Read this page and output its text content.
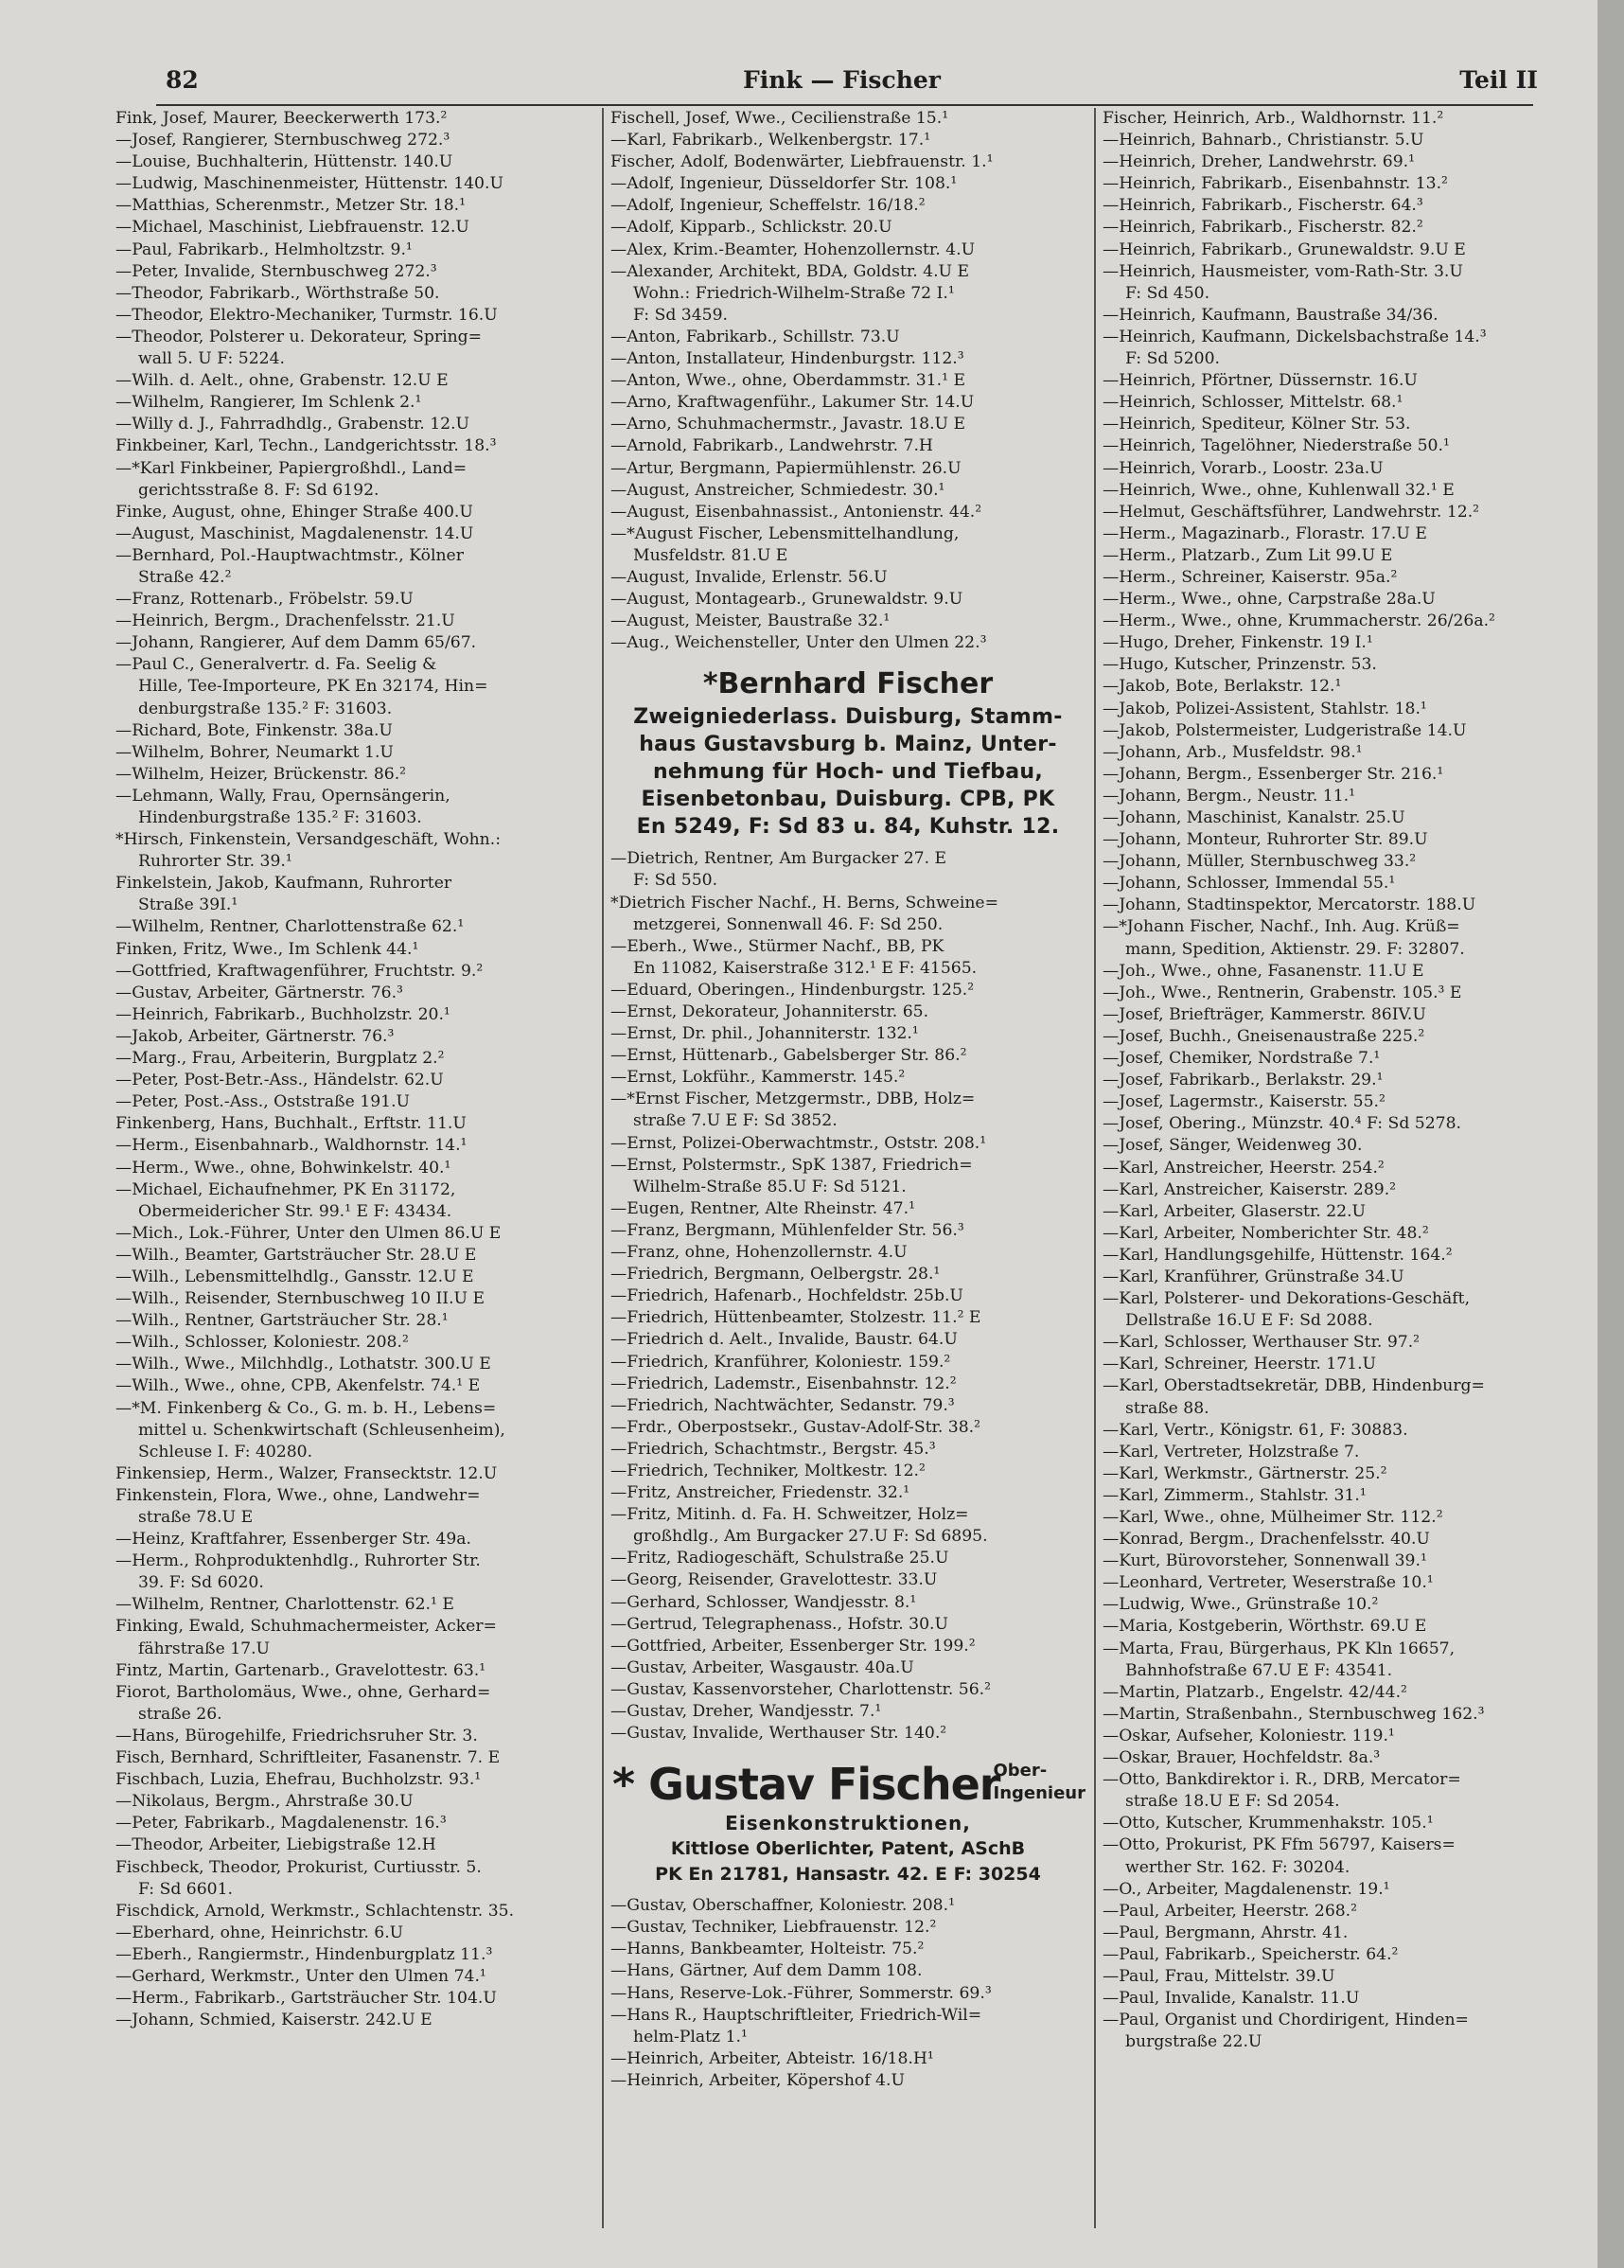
82	Fink — Fischer	Teil II
Fink, Josef, Maurer, Beeckerwerth 173.²
—Josef, Rangierer, Sternbuschweg 272.³
—Louise, Buchhalterin, Hüttenstr. 140.U
—Ludwig, Maschinenmeister, Hüttenstr. 140.U
—Matthias, Scherenmstr., Metzer Str. 18.¹
—Michael, Maschinist, Liebfrauenstr. 12.U
—Paul, Fabrikarb., Helmholtzstr. 9.¹
—Peter, Invalide, Sternbuschweg 272.³
—Theodor, Fabrikarb., Wörthstraße 50.
—Theodor, Elektro-Mechaniker, Turmstr. 16.U
—Theodor, Polsterer u. Dekorateur, Spring=
wall 5. U F: 5224.
—Wilh. d. Aelt., ohne, Grabenstr. 12.U E
—Wilhelm, Rangierer, Im Schlenk 2.¹
—Willy d. J., Fahrradhdlg., Grabenstr. 12.U
Finkbeiner, Karl, Techn., Landgerichtsstr. 18.³
—*Karl Finkbeiner, Papiergroßhdl., Land=
gerichtsstraße 8. F: Sd 6192.
Finke, August, ohne, Ehinger Straße 400.U
—August, Maschinist, Magdalenenstr. 14.U
—Bernhard, Pol.-Hauptwachtmstr., Kölner
Straße 42.²
—Franz, Rottenarb., Fröbelstr. 59.U
—Heinrich, Bergm., Drachenfelsstr. 21.U
—Johann, Rangierer, Auf dem Damm 65/67.
—Paul C., Generalvertr. d. Fa. Seelig &
Hille, Tee-Importeure, PK En 32174, Hin=
denburgstraße 135.² F: 31603.
—Richard, Bote, Finkenstr. 38a.U
—Wilhelm, Bohrer, Neumarkt 1.U
—Wilhelm, Heizer, Brückenstr. 86.²
—Lehmann, Wally, Frau, Opernsängerin,
Hindenburgstraße 135.² F: 31603.
*Hirsch, Finkenstein, Versandgeschäft, Wohn.:
Ruhrorter Str. 39.¹
Finkelstein, Jakob, Kaufmann, Ruhrorter
Straße 39I.¹
—Wilhelm, Rentner, Charlottenstraße 62.¹
Finken, Fritz, Wwe., Im Schlenk 44.¹
—Gottfried, Kraftwagenführer, Fruchtstr. 9.²
—Gustav, Arbeiter, Gärtnerstr. 76.³
—Heinrich, Fabrikarb., Buchholzstr. 20.¹
—Jakob, Arbeiter, Gärtnerstr. 76.³
—Marg., Frau, Arbeiterin, Burgplatz 2.²
—Peter, Post-Betr.-Ass., Händelstr. 62.U
—Peter, Post.-Ass., Oststraße 191.U
Finkenberg, Hans, Buchhalt., Erftstr. 11.U
—Herm., Eisenbahnarb., Waldhornstr. 14.¹
—Herm., Wwe., ohne, Bohwinkelstr. 40.¹
—Michael, Eichaufnehmer, PK En 31172,
Obermeidericher Str. 99.¹ E F: 43434.
—Mich., Lok.-Führer, Unter den Ulmen 86.U E
—Wilh., Beamter, Gartsträucher Str. 28.U E
—Wilh., Lebensmittelhdlg., Gansstr. 12.U E
—Wilh., Reisender, Sternbuschweg 10 II.U E
—Wilh., Rentner, Gartsträucher Str. 28.¹
—Wilh., Schlosser, Koloniestr. 208.²
—Wilh., Wwe., Milchhdlg., Lothatstr. 300.U E
—Wilh., Wwe., ohne, CPB, Akenfelstr. 74.¹ E
—*M. Finkenberg & Co., G. m. b. H., Lebens=
mittel u. Schenkwirtschaft (Schleusenheim),
Schleuse I. F: 40280.
Finkensiep, Herm., Walzer, Fransecktstr. 12.U
Finkenstein, Flora, Wwe., ohne, Landwehr=
straße 78.U E
—Heinz, Kraftfahrer, Essenberger Str. 49a.
—Herm., Rohproduktenhdlg., Ruhrorter Str.
39. F: Sd 6020.
—Wilhelm, Rentner, Charlottenstr. 62.¹ E
Finking, Ewald, Schuhmachermeister, Acker=
fährstraße 17.U
Fintz, Martin, Gartenarb., Gravelottestr. 63.¹
Fiorot, Bartholomäus, Wwe., ohne, Gerhard=
straße 26.
—Hans, Bürogehilfe, Friedrichsruher Str. 3.
Fisch, Bernhard, Schriftleiter, Fasanenstr. 7. E
Fischbach, Luzia, Ehefrau, Buchholzstr. 93.¹
—Nikolaus, Bergm., Ahrstraße 30.U
—Peter, Fabrikarb., Magdalenenstr. 16.³
—Theodor, Arbeiter, Liebigstraße 12.H
Fischbeck, Theodor, Prokurist, Curtiusstr. 5.
F: Sd 6601.
Fischdick, Arnold, Werkmstr., Schlachtenstr. 35.
—Eberhard, ohne, Heinrichstr. 6.U
—Eberh., Rangiermstr., Hindenburgplatz 11.³
—Gerhard, Werkmstr., Unter den Ulmen 74.¹
—Herm., Fabrikarb., Gartsträucher Str. 104.U
—Johann, Schmied, Kaiserstr. 242.U E
Fischell, Josef, Wwe., Cecilienstraße 15.¹
—Karl, Fabrikarb., Welkenbergstr. 17.¹
Fischer, Adolf, Bodenwärter, Liebfrauenstr. 1.¹
—Adolf, Ingenieur, Düsseldorfer Str. 108.¹
—Adolf, Ingenieur, Scheffelstr. 16/18.²
—Adolf, Kipparb., Schlickstr. 20.U
—Alex, Krim.-Beamter, Hohenzollernstr. 4.U
—Alexander, Architekt, BDA, Goldstr. 4.U E
Wohn.: Friedrich-Wilhelm-Straße 72 I.¹
F: Sd 3459.
—Anton, Fabrikarb., Schillstr. 73.U
—Anton, Installateur, Hindenburgstr. 112.³
—Anton, Wwe., ohne, Oberdammstr. 31.¹ E
—Arno, Kraftwagenführ., Lakumer Str. 14.U
—Arno, Schuhmachermstr., Javastr. 18.U E
—Arnold, Fabrikarb., Landwehrstr. 7.H
—Artur, Bergmann, Papiermühlenstr. 26.U
—August, Anstreicher, Schmiedestr. 30.¹
—August, Eisenbahnassist., Antonienstr. 44.²
—*August Fischer, Lebensmittelhandlung,
Musfeldstr. 81.U E
—August, Invalide, Erlenstr. 56.U
—August, Montagearb., Grunewaldstr. 9.U
—August, Meister, Baustraße 32.¹
—Aug., Weichensteller, Unter den Ulmen 22.³
*Bernhard Fischer
Zweigniederlass. Duisburg, Stamm-
haus Gustavsburg b. Mainz, Unter-
nehmung für Hoch- und Tiefbau,
Eisenbetonbau, Duisburg. CPB, PK
En 5249, F: Sd 83 u. 84, Kuhstr. 12.
—Dietrich, Rentner, Am Burgacker 27. E
F: Sd 550.
*Dietrich Fischer Nachf., H. Berns, Schweine=
metzgerei, Sonnenwall 46. F: Sd 250.
—Eberh., Wwe., Stürmer Nachf., BB, PK
En 11082, Kaiserstraße 312.¹ E F: 41565.
—Eduard, Oberingen., Hindenburgstr. 125.²
—Ernst, Dekorateur, Johanniterstr. 65.
—Ernst, Dr. phil., Johanniterstr. 132.¹
—Ernst, Hüttenarb., Gabelsberger Str. 86.²
—Ernst, Lokführ., Kammerstr. 145.²
—*Ernst Fischer, Metzgermstr., DBB, Holz=
straße 7.U E F: Sd 3852.
—Ernst, Polizei-Oberwachtmstr., Oststr. 208.¹
—Ernst, Polstermstr., SpK 1387, Friedrich=
Wilhelm-Straße 85.U F: Sd 5121.
—Eugen, Rentner, Alte Rheinstr. 47.¹
—Franz, Bergmann, Mühlenfelder Str. 56.³
—Franz, ohne, Hohenzollernstr. 4.U
—Friedrich, Bergmann, Oelbergstr. 28.¹
—Friedrich, Hafenarb., Hochfeldstr. 25b.U
—Friedrich, Hüttenbeamter, Stolzestr. 11.² E
—Friedrich d. Aelt., Invalide, Baustr. 64.U
—Friedrich, Kranführer, Koloniestr. 159.²
—Friedrich, Lademstr., Eisenbahnstr. 12.²
—Friedrich, Nachtwächter, Sedanstr. 79.³
—Frdr., Oberpostsekr., Gustav-Adolf-Str. 38.²
—Friedrich, Schachtmstr., Bergstr. 45.³
—Friedrich, Techniker, Moltkestr. 12.²
—Fritz, Anstreicher, Friedenstr. 32.¹
—Fritz, Mitinh. d. Fa. H. Schweitzer, Holz=
großhdlg., Am Burgacker 27.U F: Sd 6895.
—Fritz, Radiogeschäft, Schulstraße 25.U
—Georg, Reisender, Gravelottestr. 33.U
—Gerhard, Schlosser, Wandjesstr. 8.¹
—Gertrud, Telegraphenass., Hofstr. 30.U
—Gottfried, Arbeiter, Essenberger Str. 199.²
—Gustav, Arbeiter, Wasgaustr. 40a.U
—Gustav, Kassenvorsteher, Charlottenstr. 56.²
—Gustav, Dreher, Wandjesstr. 7.¹
—Gustav, Invalide, Werthauser Str. 140.²
* Gustav Fischer
Ober-
Ingenieur
Eisenkonstruktionen,
Kittlose Oberlichter, Patent, ASchB
PK En 21781, Hansastr. 42. E F: 30254
—Gustav, Oberschaffner, Koloniestr. 208.¹
—Gustav, Techniker, Liebfrauenstr. 12.²
—Hanns, Bankbeamter, Holteistr. 75.²
—Hans, Gärtner, Auf dem Damm 108.
—Hans, Reserve-Lok.-Führer, Sommerstr. 69.³
—Hans R., Hauptschriftleiter, Friedrich-Wil=
helm-Platz 1.¹
—Heinrich, Arbeiter, Abteistr. 16/18.H¹
—Heinrich, Arbeiter, Köpershof 4.U
Fischer, Heinrich, Arb., Waldhornstr. 11.²
—Heinrich, Bahnarb., Christianstr. 5.U
—Heinrich, Dreher, Landwehrstr. 69.¹
—Heinrich, Fabrikarb., Eisenbahnstr. 13.²
—Heinrich, Fabrikarb., Fischerstr. 64.³
—Heinrich, Fabrikarb., Fischerstr. 82.²
—Heinrich, Fabrikarb., Grunewaldstr. 9.U E
—Heinrich, Hausmeister, vom-Rath-Str. 3.U
F: Sd 450.
—Heinrich, Kaufmann, Baustraße 34/36.
—Heinrich, Kaufmann, Dickelsbachstraße 14.³
F: Sd 5200.
—Heinrich, Pförtner, Düssernstr. 16.U
—Heinrich, Schlosser, Mittelstr. 68.¹
—Heinrich, Spediteur, Kölner Str. 53.
—Heinrich, Tagelöhner, Niederstraße 50.¹
—Heinrich, Vorarb., Loostr. 23a.U
—Heinrich, Wwe., ohne, Kuhlenwall 32.¹ E
—Helmut, Geschäftsführer, Landwehrstr. 12.²
—Herm., Magazinarb., Florastr. 17.U E
—Herm., Platzarb., Zum Lit 99.U E
—Herm., Schreiner, Kaiserstr. 95a.²
—Herm., Wwe., ohne, Carpstraße 28a.U
—Herm., Wwe., ohne, Krummacherstr. 26/26a.²
—Hugo, Dreher, Finkenstr. 19 I.¹
—Hugo, Kutscher, Prinzenstr. 53.
—Jakob, Bote, Berlakstr. 12.¹
—Jakob, Polizei-Assistent, Stahlstr. 18.¹
—Jakob, Polstermeister, Ludgeristraße 14.U
—Johann, Arb., Musfeldstr. 98.¹
—Johann, Bergm., Essenberger Str. 216.¹
—Johann, Bergm., Neustr. 11.¹
—Johann, Maschinist, Kanalstr. 25.U
—Johann, Monteur, Ruhrorter Str. 89.U
—Johann, Müller, Sternbuschweg 33.²
—Johann, Schlosser, Immendal 55.¹
—Johann, Stadtinspektor, Mercatorstr. 188.U
—*Johann Fischer, Nachf., Inh. Aug. Krüß=
mann, Spedition, Aktienstr. 29. F: 32807.
—Joh., Wwe., ohne, Fasanenstr. 11.U E
—Joh., Wwe., Rentnerin, Grabenstr. 105.³ E
—Josef, Briefträger, Kammerstr. 86IV.U
—Josef, Buchh., Gneisenaustraße 225.²
—Josef, Chemiker, Nordstraße 7.¹
—Josef, Fabrikarb., Berlakstr. 29.¹
—Josef, Lagermstr., Kaiserstr. 55.²
—Josef, Obering., Münzstr. 40.⁴ F: Sd 5278.
—Josef, Sänger, Weidenweg 30.
—Karl, Anstreicher, Heerstr. 254.²
—Karl, Anstreicher, Kaiserstr. 289.²
—Karl, Arbeiter, Glaserstr. 22.U
—Karl, Arbeiter, Nomberichter Str. 48.²
—Karl, Handlungsgehilfe, Hüttenstr. 164.²
—Karl, Kranführer, Grünstraße 34.U
—Karl, Polsterer- und Dekorations-Geschäft,
Dellstraße 16.U E F: Sd 2088.
—Karl, Schlosser, Werthauser Str. 97.²
—Karl, Schreiner, Heerstr. 171.U
—Karl, Oberstadtsekretär, DBB, Hindenburg=
straße 88.
—Karl, Vertr., Königstr. 61, F: 30883.
—Karl, Vertreter, Holzstraße 7.
—Karl, Werkmstr., Gärtnerstr. 25.²
—Karl, Zimmerm., Stahlstr. 31.¹
—Karl, Wwe., ohne, Mülheimer Str. 112.²
—Konrad, Bergm., Drachenfelsstr. 40.U
—Kurt, Bürovorsteher, Sonnenwall 39.¹
—Leonhard, Vertreter, Weserstraße 10.¹
—Ludwig, Wwe., Grünstraße 10.²
—Maria, Kostgeberin, Wörthstr. 69.U E
—Marta, Frau, Bürgerhaus, PK Kln 16657,
Bahnhofstraße 67.U E F: 43541.
—Martin, Platzarb., Engelstr. 42/44.²
—Martin, Straßenbahn., Sternbuschweg 162.³
—Oskar, Aufseher, Koloniestr. 119.¹
—Oskar, Brauer, Hochfeldstr. 8a.³
—Otto, Bankdirektor i. R., DRB, Mercator=
straße 18.U E F: Sd 2054.
—Otto, Kutscher, Krummenhakstr. 105.¹
—Otto, Prokurist, PK Ffm 56797, Kaisers=
werther Str. 162. F: 30204.
—O., Arbeiter, Magdalenenstr. 19.¹
—Paul, Arbeiter, Heerstr. 268.²
—Paul, Bergmann, Ahrstr. 41.
—Paul, Fabrikarb., Speicherstr. 64.²
—Paul, Frau, Mittelstr. 39.U
—Paul, Invalide, Kanalstr. 11.U
—Paul, Organist und Chordirigent, Hinden=
burgstraße 22.U
